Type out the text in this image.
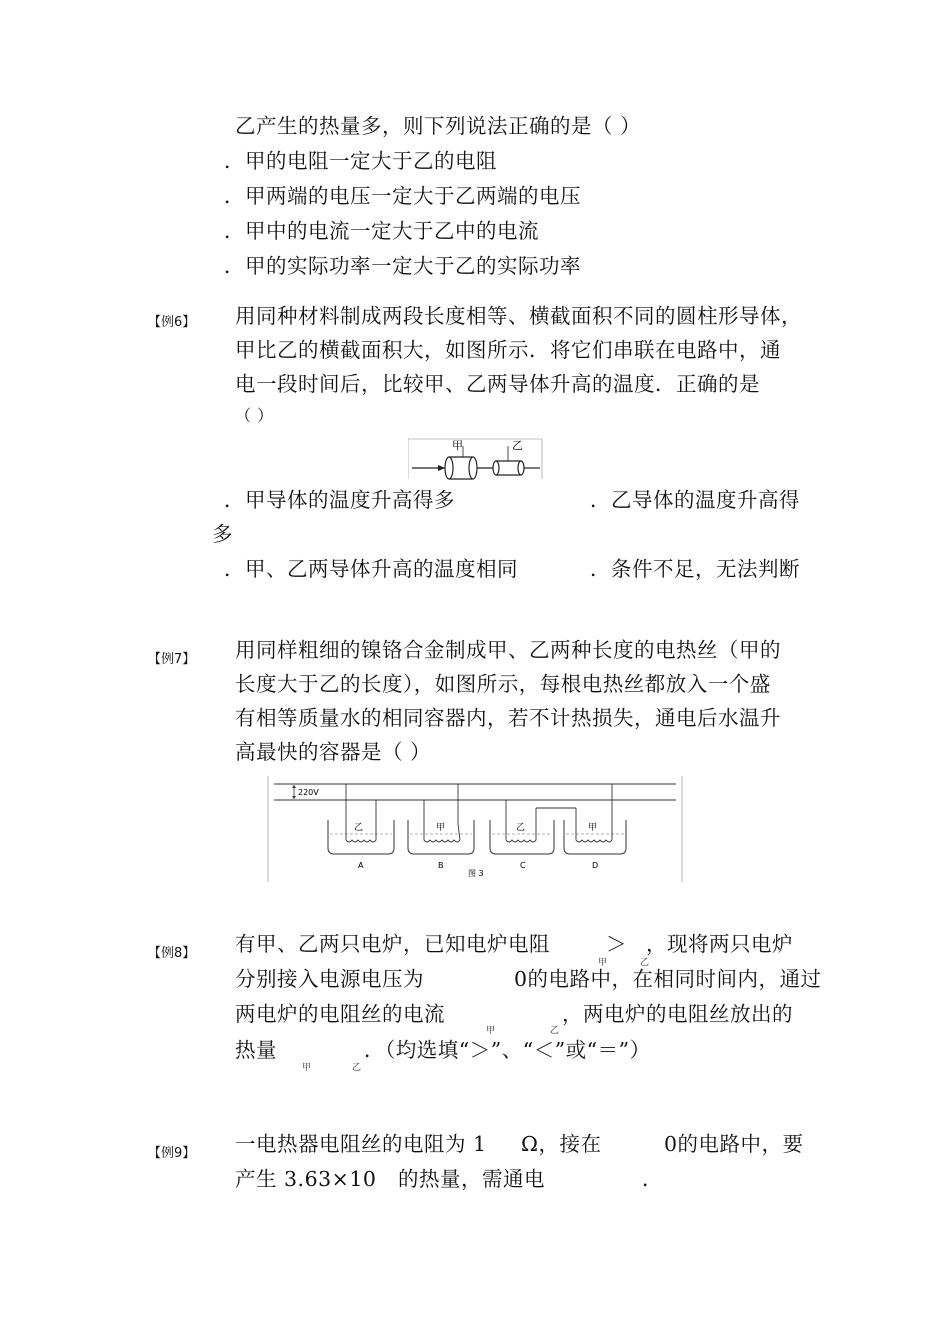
乙产生的热量多，则下列说法正确的是（ ）
．甲的电阻一定大于乙的电阻
．甲两端的电压一定大于乙两端的电压
．甲中的电流一定大于乙中的电流
．甲的实际功率一定大于乙的实际功率
【例6】 用同种材料制成两段长度相等、横截面积不同的圆柱形导体，
甲比乙的横截面积大，如图所示．将它们串联在电路中，通
电一段时间后，比较甲、乙两导体升高的温度．正确的是
（ ）
甲	乙
．甲导体的温度升高得多	．乙导体的温度升高得
多
．甲、乙两导体升高的温度相同	．条件不足，无法判断
【例7】 用同样粗细的镍铬合金制成甲、乙两种长度的电热丝（甲的
长度大于乙的长度），如图所示，每根电热丝都放入一个盛
有相等质量水的相同容器内，若不计热损失，通电后水温升
高最快的容器是（ ）
220V
乙
A
甲
B
乙
C
甲
D
图 3
【例8】 有甲、乙两只电炉，已知电炉电阻	＞ ，现将两只电炉
甲	乙
分别接入电源电压为	0的电路中，在相同时间内，通过
两电炉的电阻丝的电流	，两电炉的电阻丝放出的
甲	乙
热量	．（均选填“＞”、“＜”或“＝”）
甲	乙
【例9】 一电热器电阻丝的电阻为 1 Ω，接在	0的电路中，要
产生 3.63×10 的热量，需通电	．
